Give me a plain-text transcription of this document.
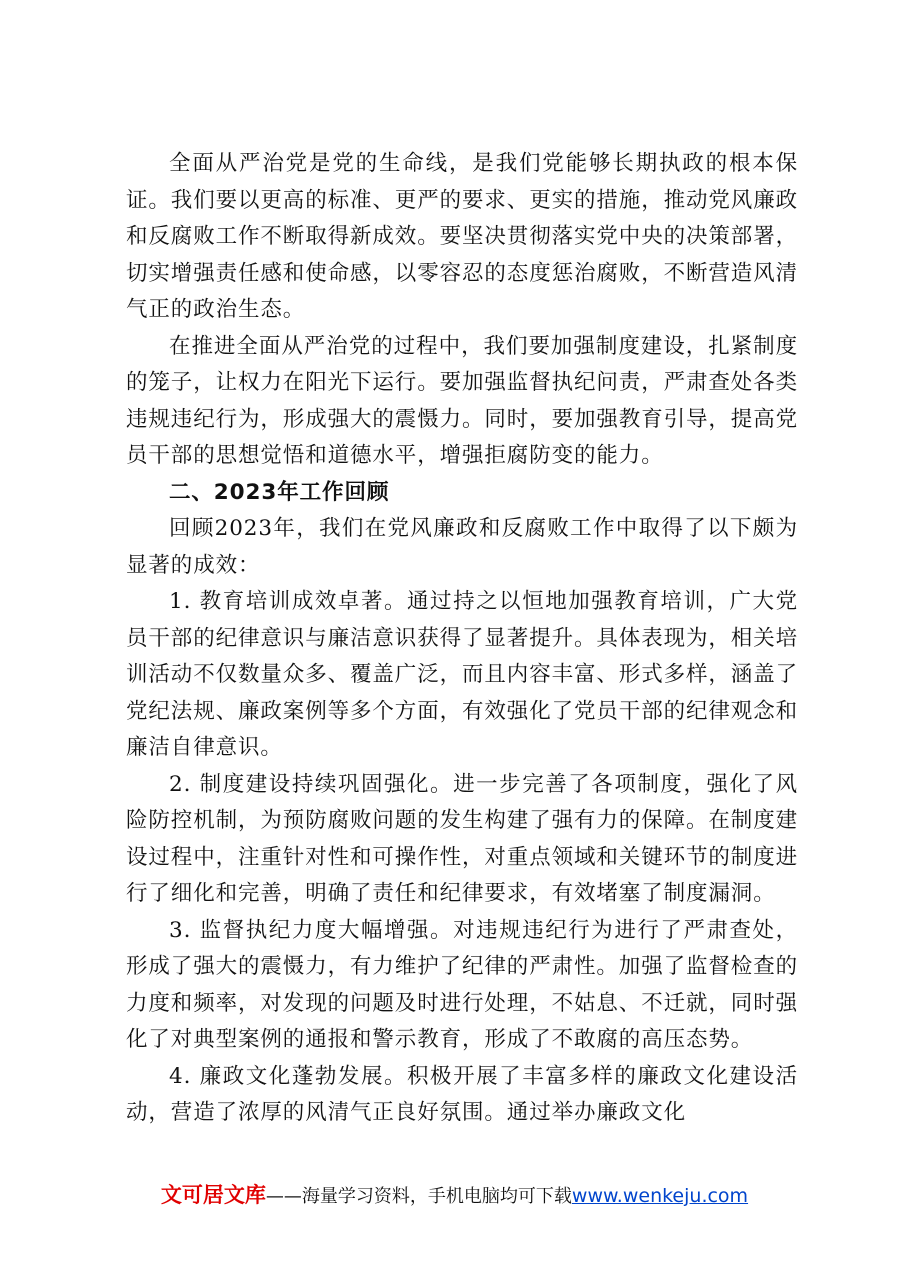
全面从严治党是党的生命线，是我们党能够长期执政的根本保证。我们要以更高的标准、更严的要求、更实的措施，推动党风廉政和反腐败工作不断取得新成效。要坚决贯彻落实党中央的决策部署，切实增强责任感和使命感，以零容忍的态度惩治腐败，不断营造风清气正的政治生态。

在推进全面从严治党的过程中，我们要加强制度建设，扎紧制度的笼子，让权力在阳光下运行。要加强监督执纪问责，严肃查处各类违规违纪行为，形成强大的震慑力。同时，要加强教育引导，提高党员干部的思想觉悟和道德水平，增强拒腐防变的能力。

二、2023年工作回顾

回顾2023年，我们在党风廉政和反腐败工作中取得了以下颇为显著的成效：

1. 教育培训成效卓著。通过持之以恒地加强教育培训，广大党员干部的纪律意识与廉洁意识获得了显著提升。具体表现为，相关培训活动不仅数量众多、覆盖广泛，而且内容丰富、形式多样，涵盖了党纪法规、廉政案例等多个方面，有效强化了党员干部的纪律观念和廉洁自律意识。

2. 制度建设持续巩固强化。进一步完善了各项制度，强化了风险防控机制，为预防腐败问题的发生构建了强有力的保障。在制度建设过程中，注重针对性和可操作性，对重点领域和关键环节的制度进行了细化和完善，明确了责任和纪律要求，有效堵塞了制度漏洞。

3. 监督执纪力度大幅增强。对违规违纪行为进行了严肃查处，形成了强大的震慑力，有力维护了纪律的严肃性。加强了监督检查的力度和频率，对发现的问题及时进行处理，不姑息、不迁就，同时强化了对典型案例的通报和警示教育，形成了不敢腐的高压态势。

4. 廉政文化蓬勃发展。积极开展了丰富多样的廉政文化建设活动，营造了浓厚的风清气正良好氛围。通过举办廉政文化

文可居文库——海量学习资料，手机电脑均可下载www.wenkeju.com
